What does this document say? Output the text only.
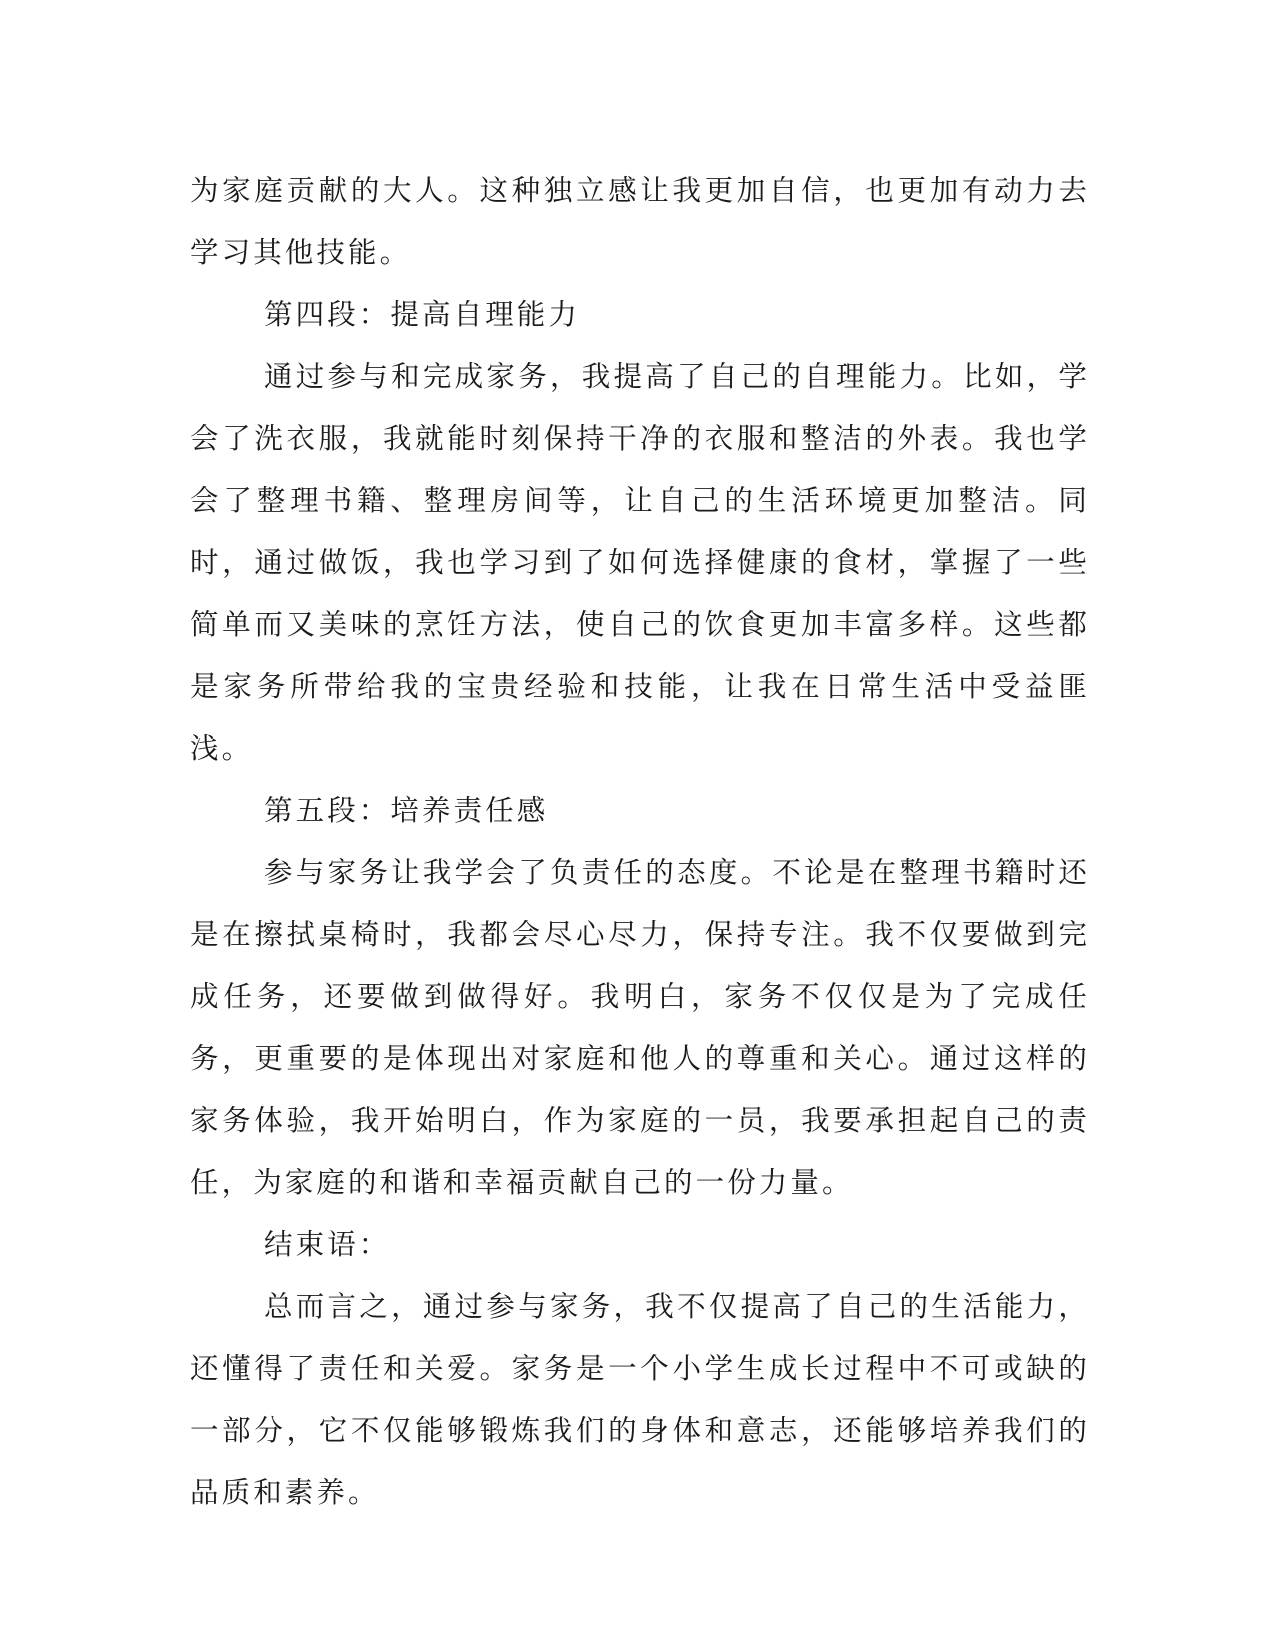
为家庭贡献的大人。这种独立感让我更加自信，也更加有动力去学习其他技能。

第四段：提高自理能力

通过参与和完成家务，我提高了自己的自理能力。比如，学会了洗衣服，我就能时刻保持干净的衣服和整洁的外表。我也学会了整理书籍、整理房间等，让自己的生活环境更加整洁。同时，通过做饭，我也学习到了如何选择健康的食材，掌握了一些简单而又美味的烹饪方法，使自己的饮食更加丰富多样。这些都是家务所带给我的宝贵经验和技能，让我在日常生活中受益匪浅。

第五段：培养责任感

参与家务让我学会了负责任的态度。不论是在整理书籍时还是在擦拭桌椅时，我都会尽心尽力，保持专注。我不仅要做到完成任务，还要做到做得好。我明白，家务不仅仅是为了完成任务，更重要的是体现出对家庭和他人的尊重和关心。通过这样的家务体验，我开始明白，作为家庭的一员，我要承担起自己的责任，为家庭的和谐和幸福贡献自己的一份力量。

结束语：

总而言之，通过参与家务，我不仅提高了自己的生活能力，还懂得了责任和关爱。家务是一个小学生成长过程中不可或缺的一部分，它不仅能够锻炼我们的身体和意志，还能够培养我们的品质和素养。
